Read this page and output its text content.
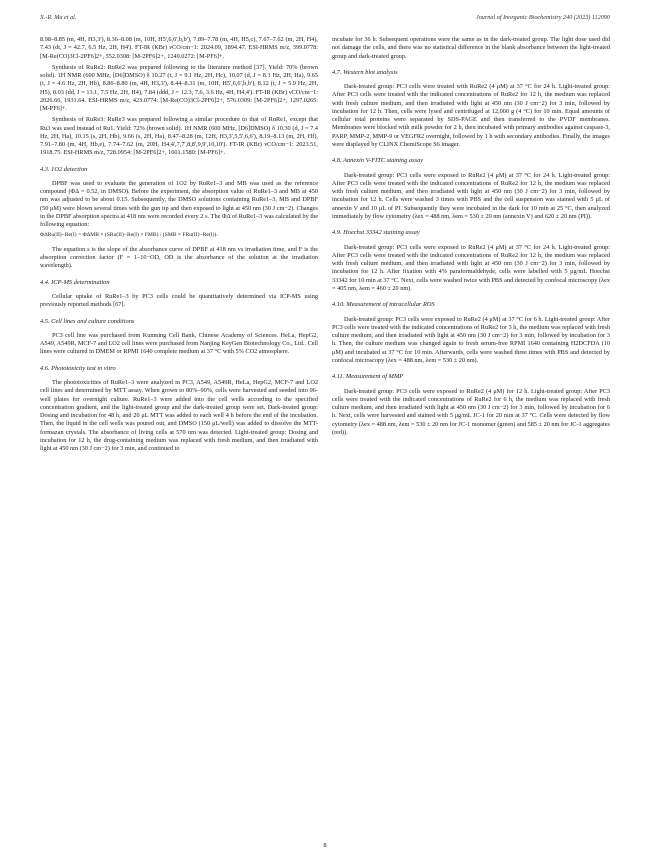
X.-R. Ma et al.	Journal of Inorganic Biochemistry 240 (2023) 112090

8.98–8.85 (m, 4H, H3,3'), 8.36–8.08 (m, 10H, H5',6,6',b,b'), 7.89–7.78 (m, 4H, H5,c), 7.67–7.62 (m, 2H, H4), 7.43 (dt, J = 42.7, 6.5 Hz, 2H, H4'). FT-IR (KBr) νCO/cm−1: 2024.09, 1894.47. ESI-HRMS m/z, 399.0778: [M-Re(CO)3Cl-2PF6]2+, 552.0308: [M-2PF6]2+, 1249.0272: [M-PF6]+.

Synthesis of RuRe2: RuRe2 was prepared following to the literature method [37]. Yield: 70% (brown solid). 1H NMR (600 MHz, [D6]DMSO) δ 10.27 (t, J = 9.1 Hz, 2H, Hc), 10.07 (d, J = 8.1 Hz, 2H, Ha), 9.65 (t, J = 4.6 Hz, 2H, Hb), 8.86–8.80 (m, 4H, H3,3'), 8.44–8.31 (m, 10H, H5',6,6',b,b'), 8.12 (t, J = 5.9 Hz, 2H, H5), 8.03 (dd, J = 13.1, 7.5 Hz, 2H, H4), 7.84 (ddd, J = 12.3, 7.6, 3.6 Hz, 4H, H4,4'). FT-IR (KBr) νCO/cm−1: 2026.66, 1931.64. ESI-HRMS m/z, 423.0774: [M-Re(CO)3Cl-2PF6]2+, 576.0309: [M-2PF6]2+, 1297.0265: [M-PF6]+.

Synthesis of RuRe3: RuRe3 was prepared following a similar procedure to that of RuRe1, except that Ru3 was used instead of Ru1. Yield: 72% (brown solid). 1H NMR (600 MHz, [D6]DMSO) δ 10.30 (d, J = 7.4 Hz, 2H, Ha), 10.15 (s, 2H, Hb), 9.66 (s, 2H, Ha), 8.47–8.28 (m, 12H, H3,3',5,5',6,6'), 8.19–8.13 (m, 2H, Hf), 7.91–7.80 (m, 4H, Hb,e), 7.74–7.62 (m, 20H, H4,4',7,7',8,8',9,9',10,10'). FT-IR (KBr) νCO/cm−1: 2023.51, 1918.75. ESI-HRMS m/z, 728.0954: [M-2PF6]2+, 1601.1580: [M-PF6]+.

4.3. 1O2 detection

DPBF was used to evaluate the generation of 1O2 by RuRe1–3 and MB was used as the reference compound (ΦΔ = 0.52, in DMSO). Before the experiment, the absorption value of RuRe1–3 and MB at 450 nm was adjusted to be about 0.15. Subsequently, the DMSO solutions containing RuRe1–3, MB and DPBF (50 μM) were blown several times with the gun tip and then exposed to light at 450 nm (30 J cm−2). Changes in the DPBF absorption spectra at 418 nm were recorded every 2 s. The ΦΔ of RuRe1–3 was calculated by the following equation:

ΦΔRu(II)−Re(I) = ΦΔMB × (SRu(II)−Re(I) × FMB) / (SMB × FRu(II)−Re(I)).

The equation s is the slope of the absorbance curve of DPBF at 418 nm vs irradiation time, and F is the absorption correction factor (F = 1–10−OD, OD is the absorbance of the solution at the irradiation wavelength).

4.4. ICP-MS determination

Cellular uptake of RuRe1–3 by PC3 cells could be quantitatively determined via ICP-MS using previously reported methods [67].

4.5. Cell lines and culture conditions

PC3 cell line was purchased from Kunming Cell Bank, Chinese Academy of Sciences. HeLa, HepG2, A549, A549R, MCF-7 and LO2 cell lines were purchased from Nanjing KeyGen Biotechnology Co., Ltd.. Cell lines were cultured in DMEM or RPMI 1640 complete medium at 37 °C with 5% CO2 atmosphere.

4.6. Phototoxicity test in vitro

The phototoxicities of RuRe1–3 were analyzed in PC3, A549, A549R, HeLa, HepG2, MCF-7 and LO2 cell lines and determined by MTT assay. When grown to 80%–90%, cells were harvested and seeded into 96-well plates for overnight culture. RuRe1–3 were added into the cell wells according to the specified concentration gradient, and the light-treated group and the dark-treated group were set. Dark-treated group: Dosing and incubation for 48 h, and 20 μL MTT was added to each well 4 h before the end of the incubation. Then, the liquid in the cell wells was poured out, and DMSO (150 μL/well) was added to dissolve the MTT-formazan crystals. The absorbance of living cells at 570 nm was detected. Light-treated group: Dosing and incubation for 12 h, the drug-containing medium was replaced with fresh medium, and then irradiated with light at 450 nm (30 J cm−2) for 3 min, and continued to

incubate for 36 h. Subsequent operations were the same as in the dark-treated group. The light dose used did not damage the cells, and there was no statistical difference in the blank absorbance between the light-treated group and dark-treated group.

4.7. Western blot analysis

Dark-treated group: PC3 cells were treated with RuRe2 (4 μM) at 37 °C for 24 h. Light-treated group: After PC3 cells were treated with the indicated concentrations of RuRe2 for 12 h, the medium was replaced with fresh culture medium, and then irradiated with light at 450 nm (30 J cm−2) for 3 min, followed by incubation for 12 h. Then, cells were lysed and centrifuged at 12,000 g (4 °C) for 10 min. Equal amounts of cellular total proteins were separated by SDS-PAGE and then transferred to the PVDF membranes. Membranes were blocked with milk powder for 2 h, then incubated with primary antibodies against caspase-3, PARP, MMP-2, MMP-9 or VEGFR2 overnight, followed by 1 h with secondary antibodies. Finally, the images were displayed by CLINX ChemiScope S6 imager.

4.8. Annexin V-FITC staining assay

Dark-treated group: PC3 cells were exposed to RuRe2 (4 μM) at 37 °C for 24 h. Light-treated group: After PC3 cells were treated with the indicated concentrations of RuRe2 for 12 h, the medium was replaced with fresh culture medium, and then irradiated with light at 450 nm (30 J cm−2) for 3 min, followed by incubation for 12 h. Cells were washed 3 times with PBS and the cell suspension was stained with 5 μL of annexin V and 10 μL of PI. Subsequently they were incubated in the dark for 10 min at 25 °C, then analyzed immediately by flow cytometry (λex = 488 nm, λem = 530 ± 20 nm (annexin V) and 620 ± 20 nm (PI)).

4.9. Hoechst 33342 staining assay

Dark-treated group: PC3 cells were exposed to RuRe2 (4 μM) at 37 °C for 24 h. Light-treated group: After PC3 cells were treated with the indicated concentrations of RuRe2 for 12 h, the medium was replaced with fresh culture medium, and then irradiated with light at 450 nm (30 J cm−2) for 3 min, followed by incubation for 12 h. After fixation with 4% paraformaldehyde, cells were labelled with 5 μg/mL Hoechst 33342 for 10 min at 37 °C. Next, cells were washed twice with PBS and detected by confocal microscopy (λex = 405 nm, λem = 460 ± 20 nm).

4.10. Measurement of intracellular ROS

Dark-treated group: PC3 cells were exposed to RuRe2 (4 μM) at 37 °C for 6 h. Light-treated group: After PC3 cells were treated with the indicated concentrations of RuRe2 for 3 h, the medium was replaced with fresh culture medium, and then irradiated with light at 450 nm (30 J cm−2) for 3 min, followed by incubation for 3 h. Then, the culture medium was changed again to fresh serum-free RPMI 1640 containing H2DCFDA (10 μM) and incubated at 37 °C for 10 min. Afterwards, cells were washed three times with PBS and detected by confocal microscopy (λex = 488 nm, λem = 530 ± 20 nm).

4.11. Measurement of MMP

Dark-treated group: PC3 cells were exposed to RuRe2 (4 μM) for 12 h. Light-treated group: After PC3 cells were treated with the indicated concentrations of RuRe2 for 6 h, the medium was replaced with fresh culture medium, and then irradiated with light at 450 nm (30 J cm−2) for 3 min, followed by incubation for 6 h. Next, cells were harvested and stained with 5 μg/mL JC-1 for 20 min at 37 °C. Cells were detected by flow cytometry (λex = 488 nm, λem = 530 ± 20 nm for JC-1 monomer (green) and 585 ± 20 nm for JC-1 aggregates (red)).

8
